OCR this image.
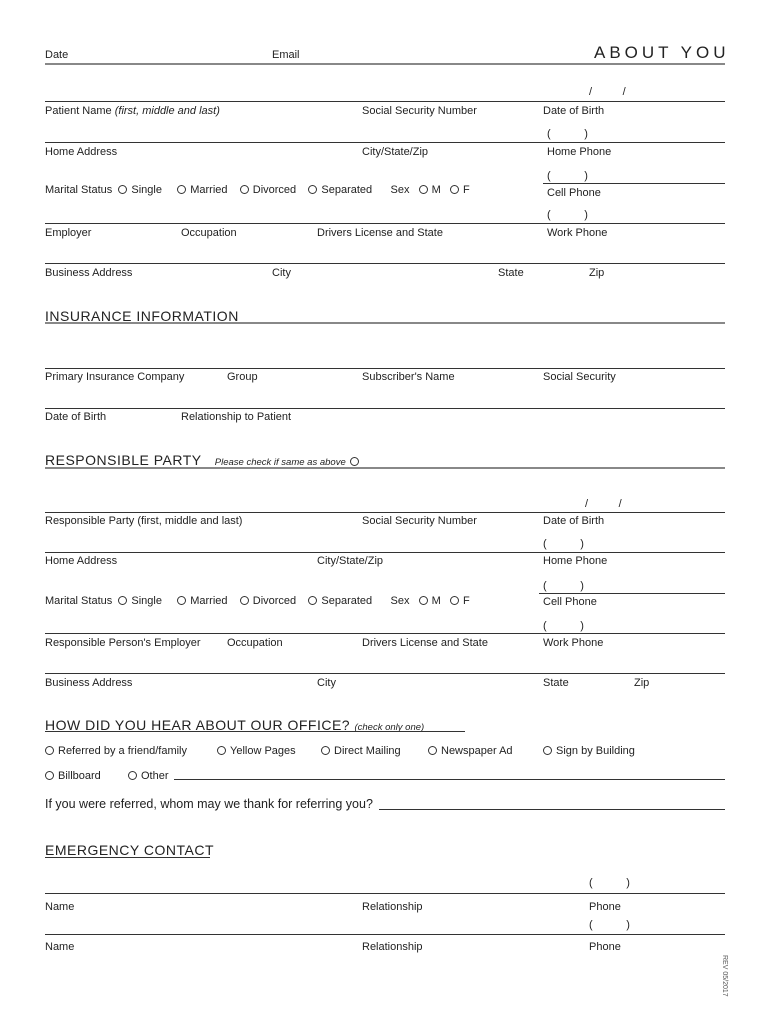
Date	Email	ABOUT YOU
/          /
Patient Name (first, middle and last)	Social Security Number	Date of Birth
(           )
Home Address	City/State/Zip	Home Phone
Marital Status Single	Married Divorced Separated Sex M F
(           )
Cell Phone
(           )
Employer	Occupation	Drivers License and State	Work Phone
Business Address	City	State	Zip
INSURANCE INFORMATION
Primary Insurance Company	Group	Subscriber's Name	Social Security
Date of Birth	Relationship to Patient
RESPONSIBLE PARTY Please check if same as above
/          /
Responsible Party (first, middle and last)	Social Security Number	Date of Birth
(           )
Home Address	City/State/Zip	Home Phone
Marital Status Single	Married Divorced Separated Sex M F
(           )
Cell Phone
(           )
Responsible Person's Employer Occupation	Drivers License and State	Work Phone
Business Address	City	State	Zip
HOW DID YOU HEAR ABOUT OUR OFFICE? (check only one)
Referred by a friend/family	Yellow Pages	Direct Mailing	Newspaper Ad	Sign by Building
Billboard	Other
If you were referred, whom may we thank for referring you?
EMERGENCY CONTACT
(           )
Name	Relationship	Phone
(           )
Name	Relationship	Phone
REV 05/2017
